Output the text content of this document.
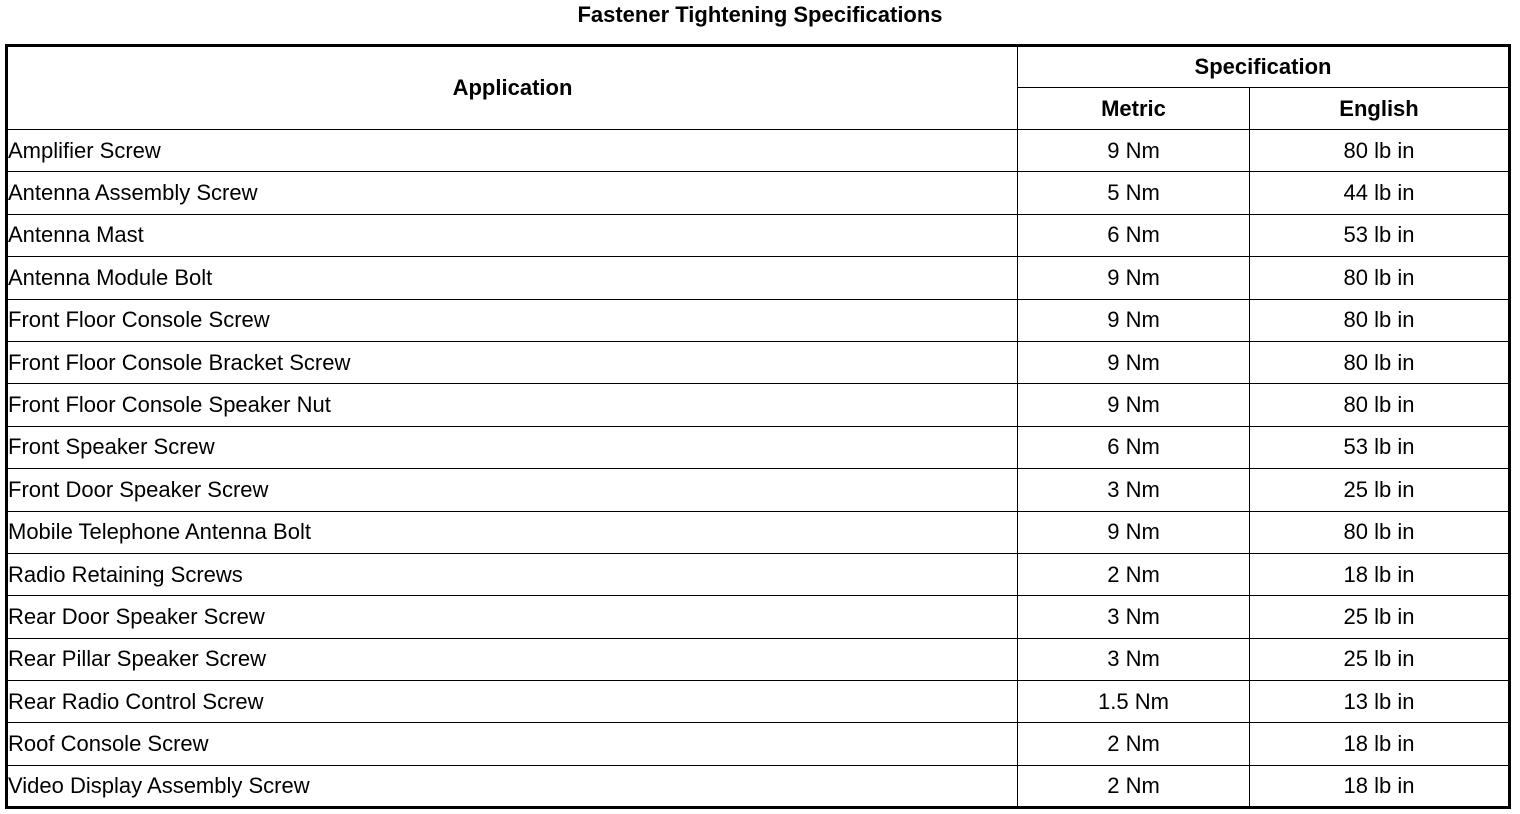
Fastener Tightening Specifications
Application	Specification	
	Metric	English
Amplifier Screw	9 Nm	80 lb in
Antenna Assembly Screw	5 Nm	44 lb in
Antenna Mast	6 Nm	53 lb in
Antenna Module Bolt	9 Nm	80 lb in
Front Floor Console Screw	9 Nm	80 lb in
Front Floor Console Bracket Screw	9 Nm	80 lb in
Front Floor Console Speaker Nut	9 Nm	80 lb in
Front Speaker Screw	6 Nm	53 lb in
Front Door Speaker Screw	3 Nm	25 lb in
Mobile Telephone Antenna Bolt	9 Nm	80 lb in
Radio Retaining Screws	2 Nm	18 lb in
Rear Door Speaker Screw	3 Nm	25 lb in
Rear Pillar Speaker Screw	3 Nm	25 lb in
Rear Radio Control Screw	1.5 Nm	13 lb in
Roof Console Screw	2 Nm	18 lb in
Video Display Assembly Screw	2 Nm	18 lb in
